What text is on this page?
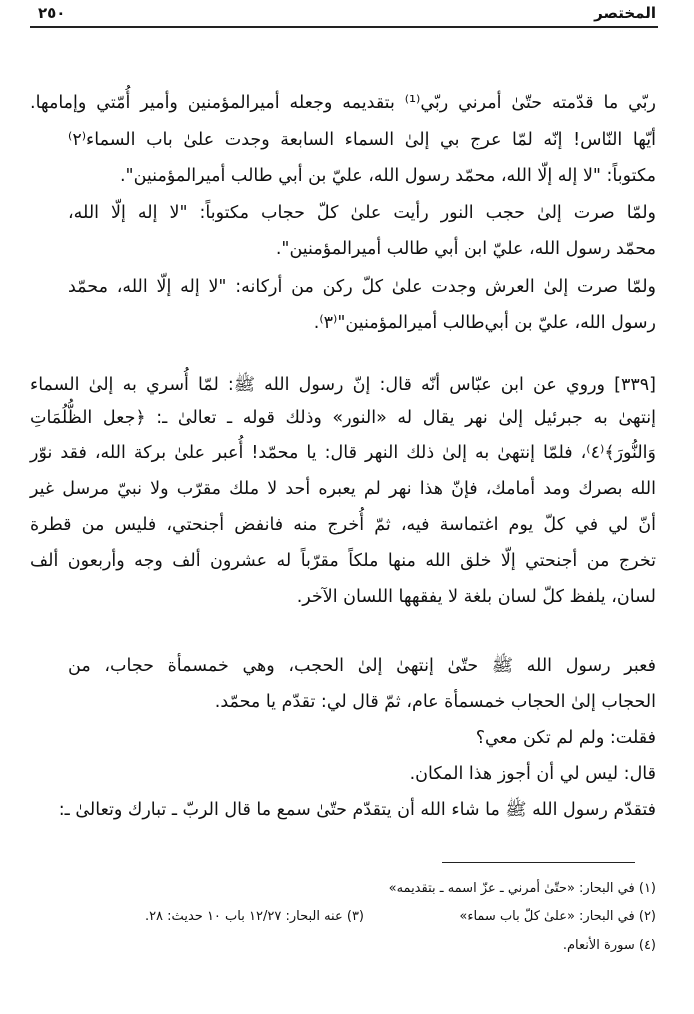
٢٥٠	المختصر
ربّي ما قدّمته حتّىٰ أمرني ربّي⁽¹⁾ بتقديمه وجعله أميرالمؤمنين وأمير أُمّتي وإمامها.
أيّها النّاس! إنّه لمّا عرج بي إلىٰ السماء السابعة وجدت علىٰ باب السماء⁽٢⁾
مكتوباً: "لا إله إلّا الله، محمّد رسول الله، عليّ بن أبي طالب أميرالمؤمنين".
ولمّا صرت إلىٰ حجب النور رأيت علىٰ كلّ حجاب مكتوباً: "لا إله إلّا الله،
محمّد رسول الله، عليّ ابن أبي طالب أميرالمؤمنين".
ولمّا صرت إلىٰ العرش وجدت علىٰ كلّ ركن من أركانه: "لا إله إلّا الله، محمّد
رسول الله، عليّ بن أبي‌طالب أميرالمؤمنين"⁽٣⁾.
[٣٣٩] وروي عن ابن عبّاس أنّه قال: إنّ رسول الله ﷺ: لمّا أُسري به إلىٰ السماء
إنتهىٰ به جبرئيل إلىٰ نهر يقال له «النور» وذلك قوله ـ تعالىٰ ـ: ﴿جعل الظُّلُمَاتِ
وَالنُّورَ﴾⁽٤⁾، فلمّا إنتهىٰ به إلىٰ ذلك النهر قال: يا محمّد! أُعبر علىٰ بركة الله، فقد نوّر
الله بصرك ومد أمامك، فإنّ هذا نهر لم يعبره أحد لا ملك مقرّب ولا نبيّ مرسل غير
أنّ لي في كلّ يوم اغتماسة فيه، ثمّ أُخرج منه فانفض أجنحتي، فليس من قطرة
تخرج من أجنحتي إلّا خلق الله منها ملكاً مقرّباً له عشرون ألف وجه وأربعون ألف
لسان، يلفظ كلّ لسان بلغة لا يفقهها اللسان الآخر.
فعبر رسول الله ﷺ حتّىٰ إنتهىٰ إلىٰ الحجب، وهي خمسمأة حجاب، من
الحجاب إلىٰ الحجاب خمسمأة عام، ثمّ قال لي: تقدّم يا محمّد.
فقلت: ولم لم تكن معي؟
قال: ليس لي أن أجوز هذا المكان.
فتقدّم رسول الله ﷺ ما شاء الله أن يتقدّم حتّىٰ سمع ما قال الربّ ـ تبارك وتعالىٰ ـ:
(١) في البحار: «حتّىٰ أمرني ـ عزّ اسمه ـ بتقديمه»
(٢) في البحار: «علىٰ كلّ باب سماء»
(٣) عنه البحار: ١٢/٢٧ باب ١٠ حديث: ٢٨.
(٤) سورة الأنعام.
